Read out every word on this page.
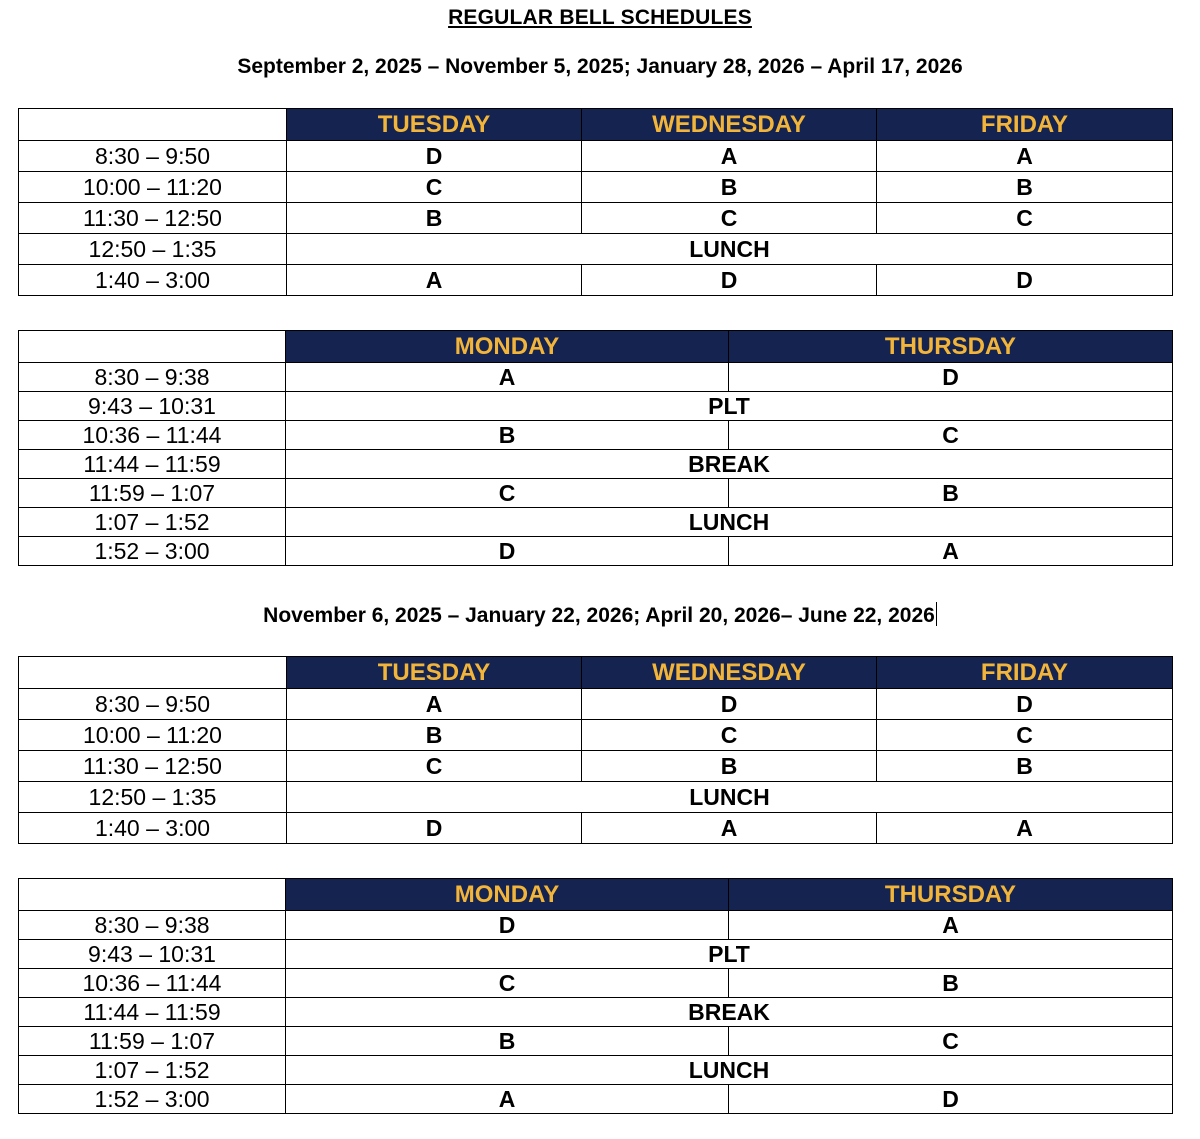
REGULAR BELL SCHEDULES
September 2, 2025 – November 5, 2025; January 28, 2026 – April 17, 2026
	TUESDAY	WEDNESDAY	FRIDAY
8:30 – 9:50	D	A	A
10:00 – 11:20	C	B	B
11:30 – 12:50	B	C	C
12:50 – 1:35	LUNCH		
1:40 – 3:00	A	D	D
	MONDAY	THURSDAY
8:30 – 9:38	A	D
9:43 – 10:31	PLT	
10:36 – 11:44	B	C
11:44 – 11:59	BREAK	
11:59 – 1:07	C	B
1:07 – 1:52	LUNCH	
1:52 – 3:00	D	A
November 6, 2025 – January 22, 2026; April 20, 2026– June 22, 2026
	TUESDAY	WEDNESDAY	FRIDAY
8:30 – 9:50	A	D	D
10:00 – 11:20	B	C	C
11:30 – 12:50	C	B	B
12:50 – 1:35	LUNCH		
1:40 – 3:00	D	A	A
	MONDAY	THURSDAY
8:30 – 9:38	D	A
9:43 – 10:31	PLT	
10:36 – 11:44	C	B
11:44 – 11:59	BREAK	
11:59 – 1:07	B	C
1:07 – 1:52	LUNCH	
1:52 – 3:00	A	D
